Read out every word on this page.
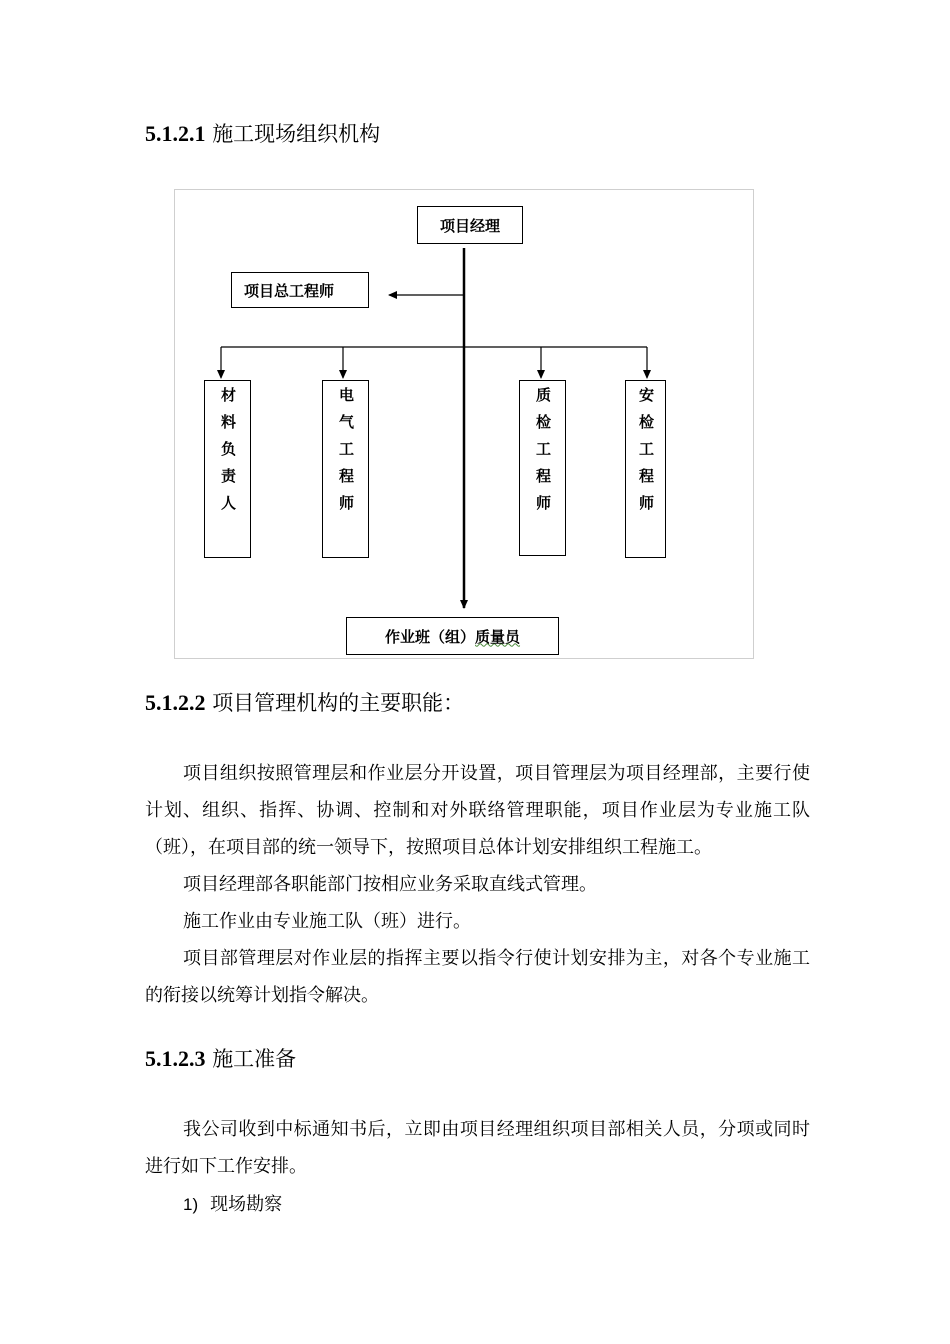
5.1.2.1 施工现场组织机构
项目经理
项目总工程师
材料负责人	电气工程师	质检工程师	安检工程师
作业班（组） 质量员
5.1.2.2 项目管理机构的主要职能：
项目组织按照管理层和作业层分开设置，项目管理层为项目经理部，主要行使计划、组织、指挥、协调、控制和对外联络管理职能，项目作业层为专业施工队（班），在项目部的统一领导下，按照项目总体计划安排组织工程施工。
项目经理部各职能部门按相应业务采取直线式管理。
施工作业由专业施工队（班）进行。
项目部管理层对作业层的指挥主要以指令行使计划安排为主，对各个专业施工的衔接以统筹计划指令解决。
5.1.2.3 施工准备
我公司收到中标通知书后，立即由项目经理组织项目部相关人员，分项或同时进行如下工作安排。
1) 现场勘察
